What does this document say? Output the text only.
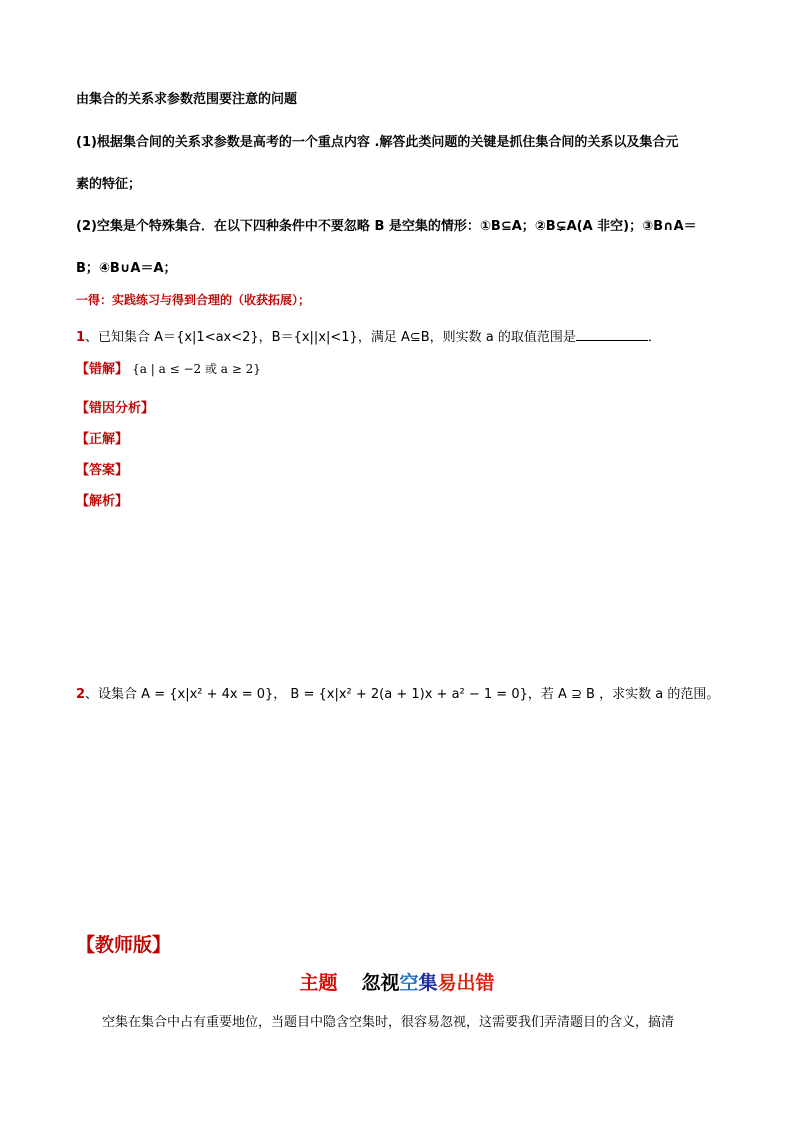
由集合的关系求参数范围要注意的问题
(1)根据集合间的关系求参数是高考的一个重点内容 .解答此类问题的关键是抓住集合间的关系以及集合元
素的特征；
(2)空集是个特殊集合．在以下四种条件中不要忽略 B 是空集的情形：①B⊆A；②B⊊A(A 非空)；③B∩A＝
B；④B∪A＝A；
一得：实践练习与得到合理的（收获拓展）；
1、已知集合 A＝{x|1<ax<2}，B＝{x||x|<1}，满足 A⊆B，则实数 a 的取值范围是	．
【错解】 {a | a ≤ −2 或 a ≥ 2}
【错因分析】
【正解】
【答案】
【解析】
2、设集合 A = {x|x² + 4x = 0}， B = {x|x² + 2(a + 1)x + a² − 1 = 0}，若 A ⊇ B ，求实数 a 的范围。
【教师版】
主题 忽视空集易出错
空集在集合中占有重要地位，当题目中隐含空集时，很容易忽视，这需要我们弄清题目的含义，搞清
